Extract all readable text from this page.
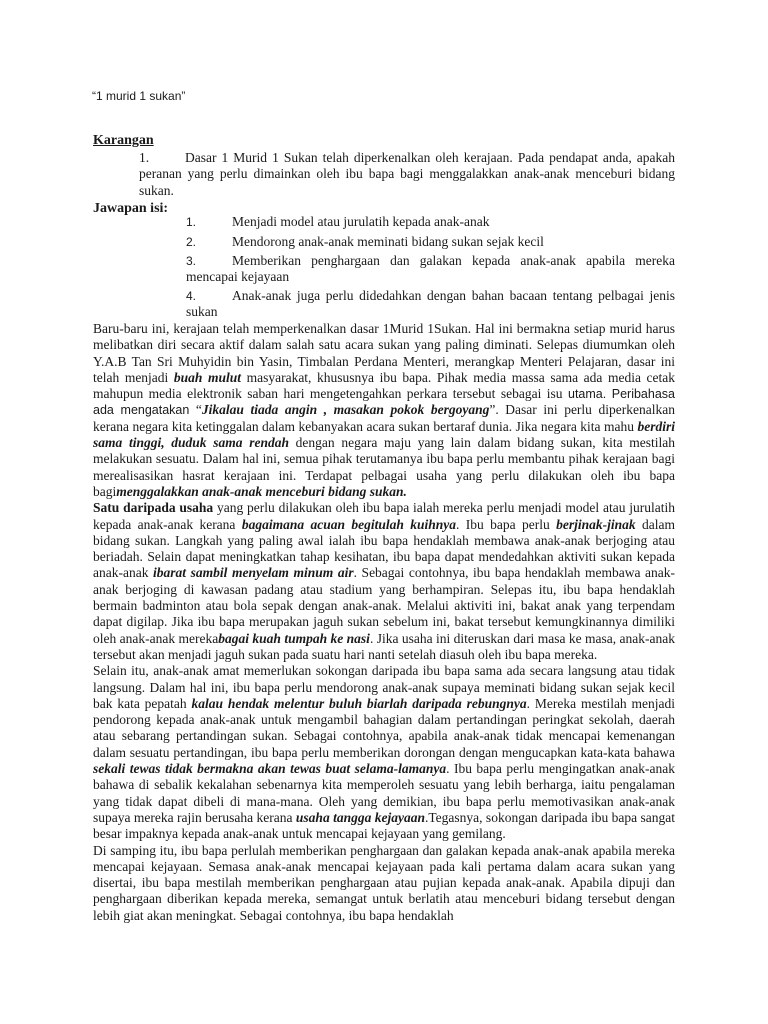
“1 murid 1 sukan”
Karangan
1.	Dasar 1 Murid 1 Sukan telah diperkenalkan oleh kerajaan. Pada pendapat anda, apakah peranan yang perlu dimainkan oleh ibu bapa bagi menggalakkan anak-anak menceburi bidang sukan.
Jawapan isi:
1.	Menjadi model atau jurulatih kepada anak-anak
2.	Mendorong anak-anak meminati bidang sukan sejak kecil
3.	Memberikan penghargaan dan galakan kepada anak-anak apabila mereka mencapai kejayaan
4.	Anak-anak juga perlu didedahkan dengan bahan bacaan tentang pelbagai jenis sukan

Baru-baru ini, kerajaan telah memperkenalkan dasar 1Murid 1Sukan. Hal ini bermakna setiap murid harus melibatkan diri secara aktif dalam salah satu acara sukan yang paling diminati. Selepas diumumkan oleh Y.A.B Tan Sri Muhyidin bin Yasin, Timbalan Perdana Menteri, merangkap Menteri Pelajaran, dasar ini telah menjadi buah mulut masyarakat, khususnya ibu bapa. Pihak media massa sama ada media cetak mahupun media elektronik saban hari mengetengahkan perkara tersebut sebagai isu utama. Peribahasa ada mengatakan “Jikalau tiada angin , masakan pokok bergoyang”. Dasar ini perlu diperkenalkan kerana negara kita ketinggalan dalam kebanyakan acara sukan bertaraf dunia. Jika negara kita mahu berdiri sama tinggi, duduk sama rendah dengan negara maju yang lain dalam bidang sukan, kita mestilah melakukan sesuatu. Dalam hal ini, semua pihak terutamanya ibu bapa perlu membantu pihak kerajaan bagi merealisasikan hasrat kerajaan ini. Terdapat pelbagai usaha yang perlu dilakukan oleh ibu bapa bagimenggalakkan anak-anak menceburi bidang sukan.

Satu daripada usaha yang perlu dilakukan oleh ibu bapa ialah mereka perlu menjadi model atau jurulatih kepada anak-anak kerana bagaimana acuan begitulah kuihnya. Ibu bapa perlu berjinak-jinak dalam bidang sukan. Langkah yang paling awal ialah ibu bapa hendaklah membawa anak-anak berjoging atau beriadah. Selain dapat meningkatkan tahap kesihatan, ibu bapa dapat mendedahkan aktiviti sukan kepada anak-anak ibarat sambil menyelam minum air. Sebagai contohnya, ibu bapa hendaklah membawa anak-anak berjoging di kawasan padang atau stadium yang berhampiran. Selepas itu, ibu bapa hendaklah bermain badminton atau bola sepak dengan anak-anak. Melalui aktiviti ini, bakat anak yang terpendam dapat digilap. Jika ibu bapa merupakan jaguh sukan sebelum ini, bakat tersebut kemungkinannya dimiliki oleh anak-anak merekabagai kuah tumpah ke nasi. Jika usaha ini diteruskan dari masa ke masa, anak-anak tersebut akan menjadi jaguh sukan pada suatu hari nanti setelah diasuh oleh ibu bapa mereka.

Selain itu, anak-anak amat memerlukan sokongan daripada ibu bapa sama ada secara langsung atau tidak langsung. Dalam hal ini, ibu bapa perlu mendorong anak-anak supaya meminati bidang sukan sejak kecil bak kata pepatah kalau hendak melentur buluh biarlah daripada rebungnya. Mereka mestilah menjadi pendorong kepada anak-anak untuk mengambil bahagian dalam pertandingan peringkat sekolah, daerah atau sebarang pertandingan sukan. Sebagai contohnya, apabila anak-anak tidak mencapai kemenangan dalam sesuatu pertandingan, ibu bapa perlu memberikan dorongan dengan mengucapkan kata-kata bahawa sekali tewas tidak bermakna akan tewas buat selama-lamanya. Ibu bapa perlu mengingatkan anak-anak bahawa di sebalik kekalahan sebenarnya kita memperoleh sesuatu yang lebih berharga, iaitu pengalaman yang tidak dapat dibeli di mana-mana. Oleh yang demikian, ibu bapa perlu memotivasikan anak-anak supaya mereka rajin berusaha kerana usaha tangga kejayaan.Tegasnya, sokongan daripada ibu bapa sangat besar impaknya kepada anak-anak untuk mencapai kejayaan yang gemilang.

Di samping itu, ibu bapa perlulah memberikan penghargaan dan galakan kepada anak-anak apabila mereka mencapai kejayaan. Semasa anak-anak mencapai kejayaan pada kali pertama dalam acara sukan yang disertai, ibu bapa mestilah memberikan penghargaan atau pujian kepada anak-anak. Apabila dipuji dan penghargaan diberikan kepada mereka, semangat untuk berlatih atau menceburi bidang tersebut dengan lebih giat akan meningkat. Sebagai contohnya, ibu bapa hendaklah
